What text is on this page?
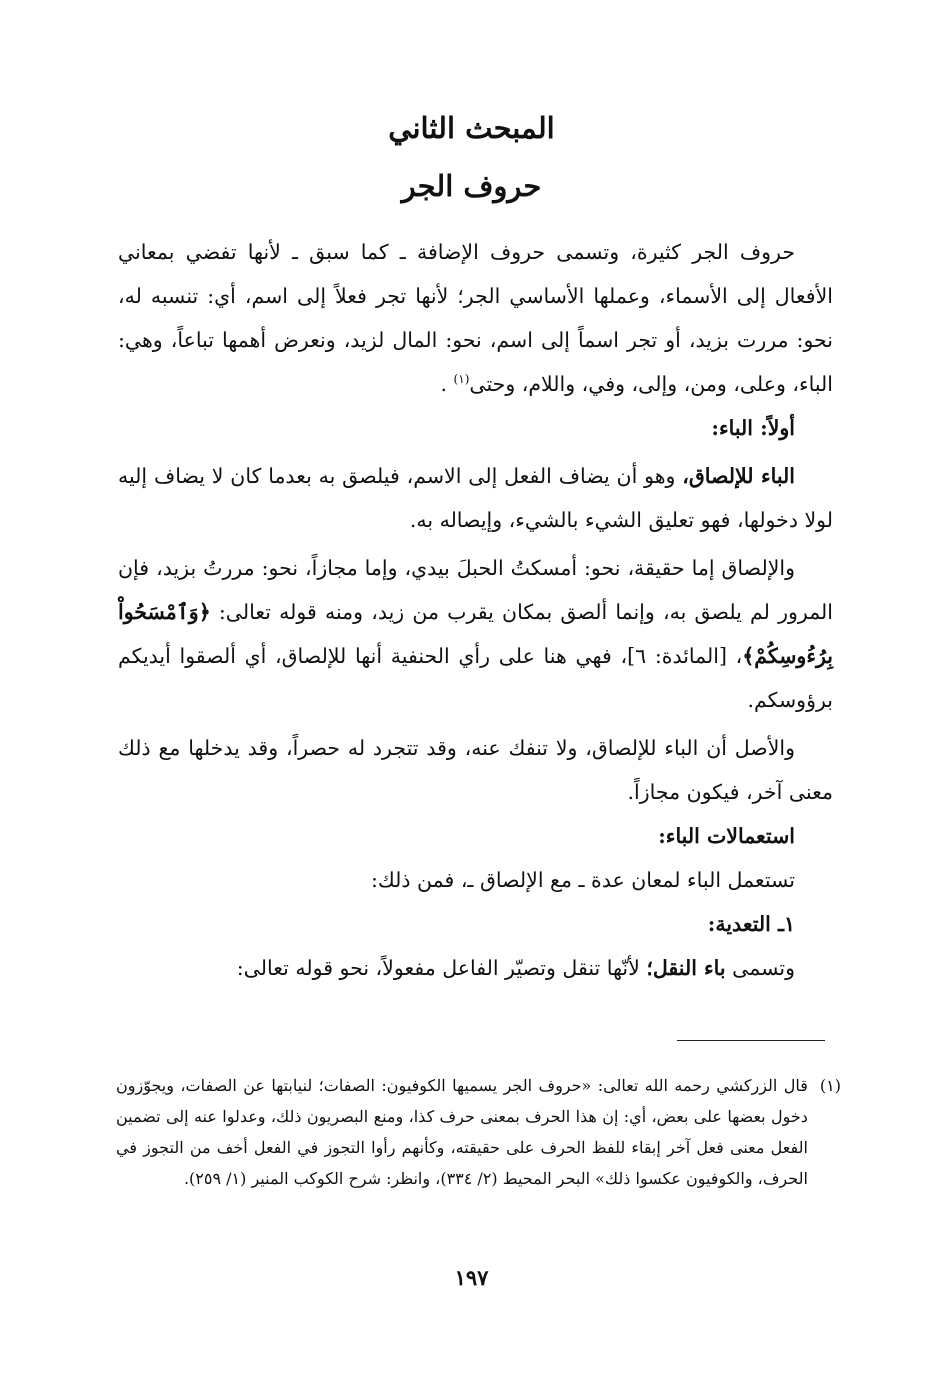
المبحث الثاني
حروف الجر

حروف الجر كثيرة، وتسمى حروف الإضافة ـ كما سبق ـ لأنها تفضي بمعاني الأفعال إلى الأسماء، وعملها الأساسي الجر؛ لأنها تجر فعلاً إلى اسم، أي: تنسبه له، نحو: مررت بزيد، أو تجر اسماً إلى اسم، نحو: المال لزيد، ونعرض أهمها تباعاً، وهي: الباء، وعلى، ومن، وإلى، وفي، واللام، وحتى$^{(١)}$ .

أولاً: الباء:

الباء للإلصاق، وهو أن يضاف الفعل إلى الاسم، فيلصق به بعدما كان لا يضاف إليه لولا دخولها، فهو تعليق الشيء بالشيء، وإيصاله به.

والإلصاق إما حقيقة، نحو: أمسكتُ الحبلَ بيدي، وإما مجازاً، نحو: مررتُ بزيد، فإن المرور لم يلصق به، وإنما ألصق بمكان يقرب من زيد، ومنه قوله تعالى: ﴿وَٱمْسَحُواْ بِرُءُوسِكُمْ﴾، [المائدة: ٦]، فهي هنا على رأي الحنفية أنها للإلصاق، أي ألصقوا أيديكم برؤوسكم.

والأصل أن الباء للإلصاق، ولا تنفك عنه، وقد تتجرد له حصراً، وقد يدخلها مع ذلك معنى آخر، فيكون مجازاً.

استعمالات الباء:

تستعمل الباء لمعان عدة ـ مع الإلصاق ـ، فمن ذلك:

١ـ التعدية:

وتسمى باء النقل؛ لأنّها تنقل وتصيّر الفاعل مفعولاً، نحو قوله تعالى:

(١)

قال الزركشي رحمه الله تعالى: «حروف الجر يسميها الكوفيون: الصفات؛ لنيابتها عن الصفات، ويجوّزون دخول بعضها على بعض، أي: إن هذا الحرف بمعنى حرف كذا، ومنع البصريون ذلك، وعدلوا عنه إلى تضمين الفعل معنى فعل آخر إبقاء للفظ الحرف على حقيقته، وكأنهم رأوا التجوز في الفعل أخف من التجوز في الحرف، والكوفيون عكسوا ذلك» البحر المحيط (٢/ ٣٣٤)، وانظر: شرح الكوكب المنير (١/ ٢٥٩).

١٩٧
